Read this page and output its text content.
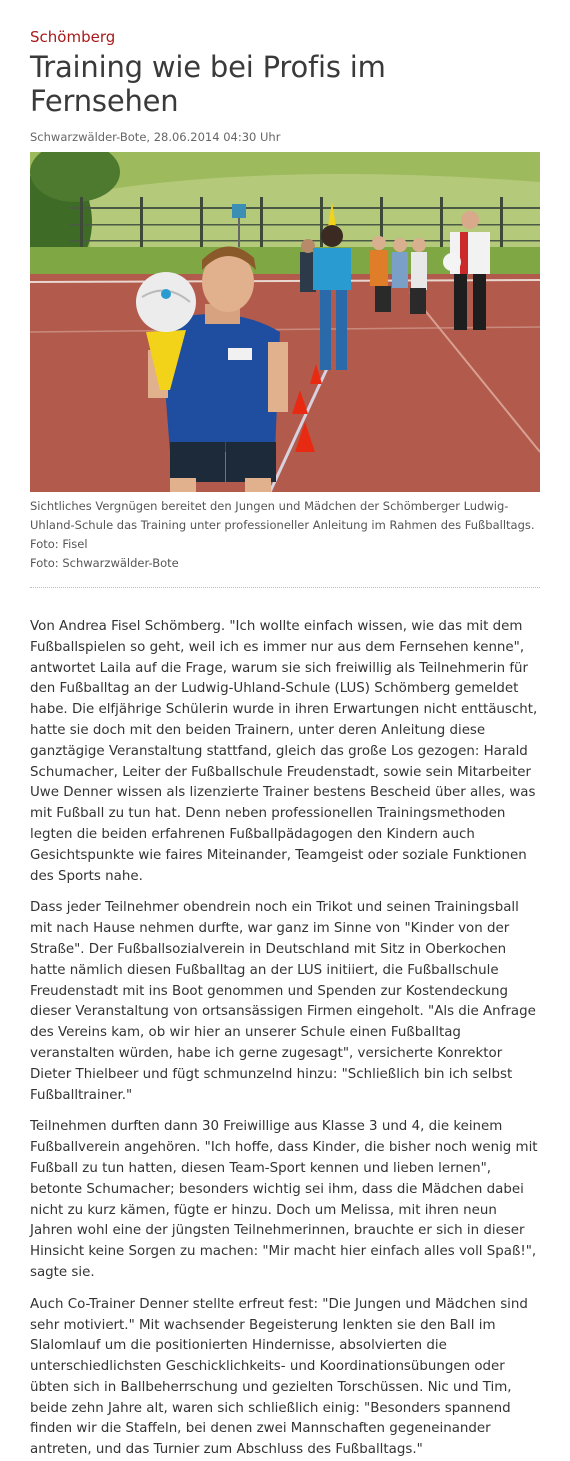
Schömberg
Training wie bei Profis im Fernsehen
Schwarzwälder-Bote, 28.06.2014 04:30 Uhr
Sichtliches Vergnügen bereitet den Jungen und Mädchen der Schömberger Ludwig-Uhland-Schule das Training unter professioneller Anleitung im Rahmen des Fußballtags. Foto: Fisel
Foto: Schwarzwälder-Bote

Von Andrea Fisel Schömberg. "Ich wollte einfach wissen, wie das mit dem Fußballspielen so geht, weil ich es immer nur aus dem Fernsehen kenne", antwortet Laila auf die Frage, warum sie sich freiwillig als Teilnehmerin für den Fußballtag an der Ludwig-Uhland-Schule (LUS) Schömberg gemeldet habe. Die elfjährige Schülerin wurde in ihren Erwartungen nicht enttäuscht, hatte sie doch mit den beiden Trainern, unter deren Anleitung diese ganztägige Veranstaltung stattfand, gleich das große Los gezogen: Harald Schumacher, Leiter der Fußballschule Freudenstadt, sowie sein Mitarbeiter Uwe Denner wissen als lizenzierte Trainer bestens Bescheid über alles, was mit Fußball zu tun hat. Denn neben professionellen Trainingsmethoden legten die beiden erfahrenen Fußballpädagogen den Kindern auch Gesichtspunkte wie faires Miteinander, Teamgeist oder soziale Funktionen des Sports nahe.

Dass jeder Teilnehmer obendrein noch ein Trikot und seinen Trainingsball mit nach Hause nehmen durfte, war ganz im Sinne von "Kinder von der Straße". Der Fußballsozialverein in Deutschland mit Sitz in Oberkochen hatte nämlich diesen Fußballtag an der LUS initiiert, die Fußballschule Freudenstadt mit ins Boot genommen und Spenden zur Kostendeckung dieser Veranstaltung von ortsansässigen Firmen eingeholt. "Als die Anfrage des Vereins kam, ob wir hier an unserer Schule einen Fußballtag veranstalten würden, habe ich gerne zugesagt", versicherte Konrektor Dieter Thielbeer und fügt schmunzelnd hinzu: "Schließlich bin ich selbst Fußballtrainer."

Teilnehmen durften dann 30 Freiwillige aus Klasse 3 und 4, die keinem Fußballverein angehören. "Ich hoffe, dass Kinder, die bisher noch wenig mit Fußball zu tun hatten, diesen Team-Sport kennen und lieben lernen", betonte Schumacher; besonders wichtig sei ihm, dass die Mädchen dabei nicht zu kurz kämen, fügte er hinzu. Doch um Melissa, mit ihren neun Jahren wohl eine der jüngsten Teilnehmerinnen, brauchte er sich in dieser Hinsicht keine Sorgen zu machen: "Mir macht hier einfach alles voll Spaß!", sagte sie.

Auch Co-Trainer Denner stellte erfreut fest: "Die Jungen und Mädchen sind sehr motiviert." Mit wachsender Begeisterung lenkten sie den Ball im Slalomlauf um die positionierten Hindernisse, absolvierten die unterschiedlichsten Geschicklichkeits- und Koordinationsübungen oder übten sich in Ballbeherrschung und gezielten Torschüssen. Nic und Tim, beide zehn Jahre alt, waren sich schließlich einig: "Besonders spannend finden wir die Staffeln, bei denen zwei Mannschaften gegeneinander antreten, und das Turnier zum Abschluss des Fußballtags."
